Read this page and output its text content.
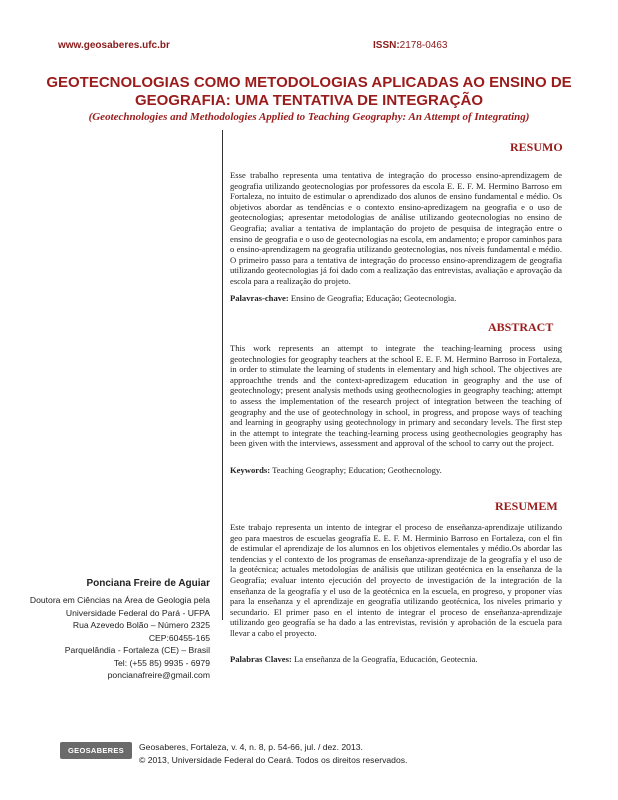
www.geosaberes.ufc.br	ISSN:2178-0463
GEOTECNOLOGIAS COMO METODOLOGIAS APLICADAS AO ENSINO DE GEOGRAFIA: UMA TENTATIVA DE INTEGRAÇÃO
(Geotechnologies and Methodologies Applied to Teaching Geography: An Attempt of Integrating)
RESUMO
Esse trabalho representa uma tentativa de integração do processo ensino-aprendizagem de geografia utilizando geotecnologias por professores da escola E. E. F. M. Hermino Barroso em Fortaleza, no intuito de estimular o aprendizado dos alunos de ensino fundamental e médio. Os objetivos abordar as tendências e o contexto ensino-apredizagem na geografia e o uso de geotecnologias; apresentar metodologias de análise utilizando geotecnologias no ensino de Geografia; avaliar a tentativa de implantação do projeto de pesquisa de integração entre o ensino de geografia e o uso de geotecnologias na escola, em andamento; e propor caminhos para o ensino-aprendizagem na geografia utilizando geotecnologias, nos níveis fundamental e médio. O primeiro passo para a tentativa de integração do processo ensino-aprendizagem de geografia utilizando geotecnologias já foi dado com a realização das entrevistas, avaliação e aprovação da escola para a realização do projeto.
Palavras-chave: Ensino de Geografia; Educação; Geotecnologia.
ABSTRACT
This work represents an attempt to integrate the teaching-learning process using geotechnologies for geography teachers at the school E. E. F. M. Hermino Barroso in Fortaleza, in order to stimulate the learning of students in elementary and high school. The objectives are approachthe trends and the context-apredizagem education in geography and the use of geotechnology; present analysis methods using geothecnologies in geography teaching; attempt to assess the implementation of the research project of integration between the teaching of geography and the use of geotechnology in school, in progress, and propose ways of teaching and learning in geography using geotechnology in primary and secondary levels. The first step in the attempt to integrate the teaching-learning process using geothecnologies geography has been given with the interviews, assessment and approval of the school to carry out the project.
Keywords: Teaching Geography; Education; Geothecnology.
RESUMEM
Este trabajo representa un intento de integrar el proceso de enseñanza-aprendizaje utilizando geo para maestros de escuelas geografía E. E. F. M. Herminio Barroso en Fortaleza, con el fin de estimular el aprendizaje de los alumnos en los objetivos elementales y médio.Os abordar las tendencias y el contexto de los programas de enseñanza-aprendizaje de la geografía y el uso de la geotécnica; actuales metodologías de análisis que utilizan geotécnica en la enseñanza de la Geografía; evaluar intento ejecución del proyecto de investigación de la integración de la enseñanza de la geografía y el uso de la geotécnica en la escuela, en progreso, y proponer vías para la enseñanza y el aprendizaje en geografía utilizando geotécnica, los niveles primario y secundario. El primer paso en el intento de integrar el proceso de enseñanza-aprendizaje utilizando geo geografía se ha dado a las entrevistas, revisión y aprobación de la escuela para llevar a cabo el proyecto.
Palabras Claves: La enseñanza de la Geografía, Educación, Geotecnia.
Ponciana Freire de Aguiar
Doutora em Ciências na Área de Geologia pela
Universidade Federal do Pará - UFPA
Rua Azevedo Bolão – Número 2325
CEP:60455-165
Parquelândia - Fortaleza (CE) – Brasil
Tel: (+55 85) 9935 - 6979
poncianafreire@gmail.com
GEOSABERES Geosaberes, Fortaleza, v. 4, n. 8, p. 54-66, jul. / dez. 2013.
© 2013, Universidade Federal do Ceará. Todos os direitos reservados.
